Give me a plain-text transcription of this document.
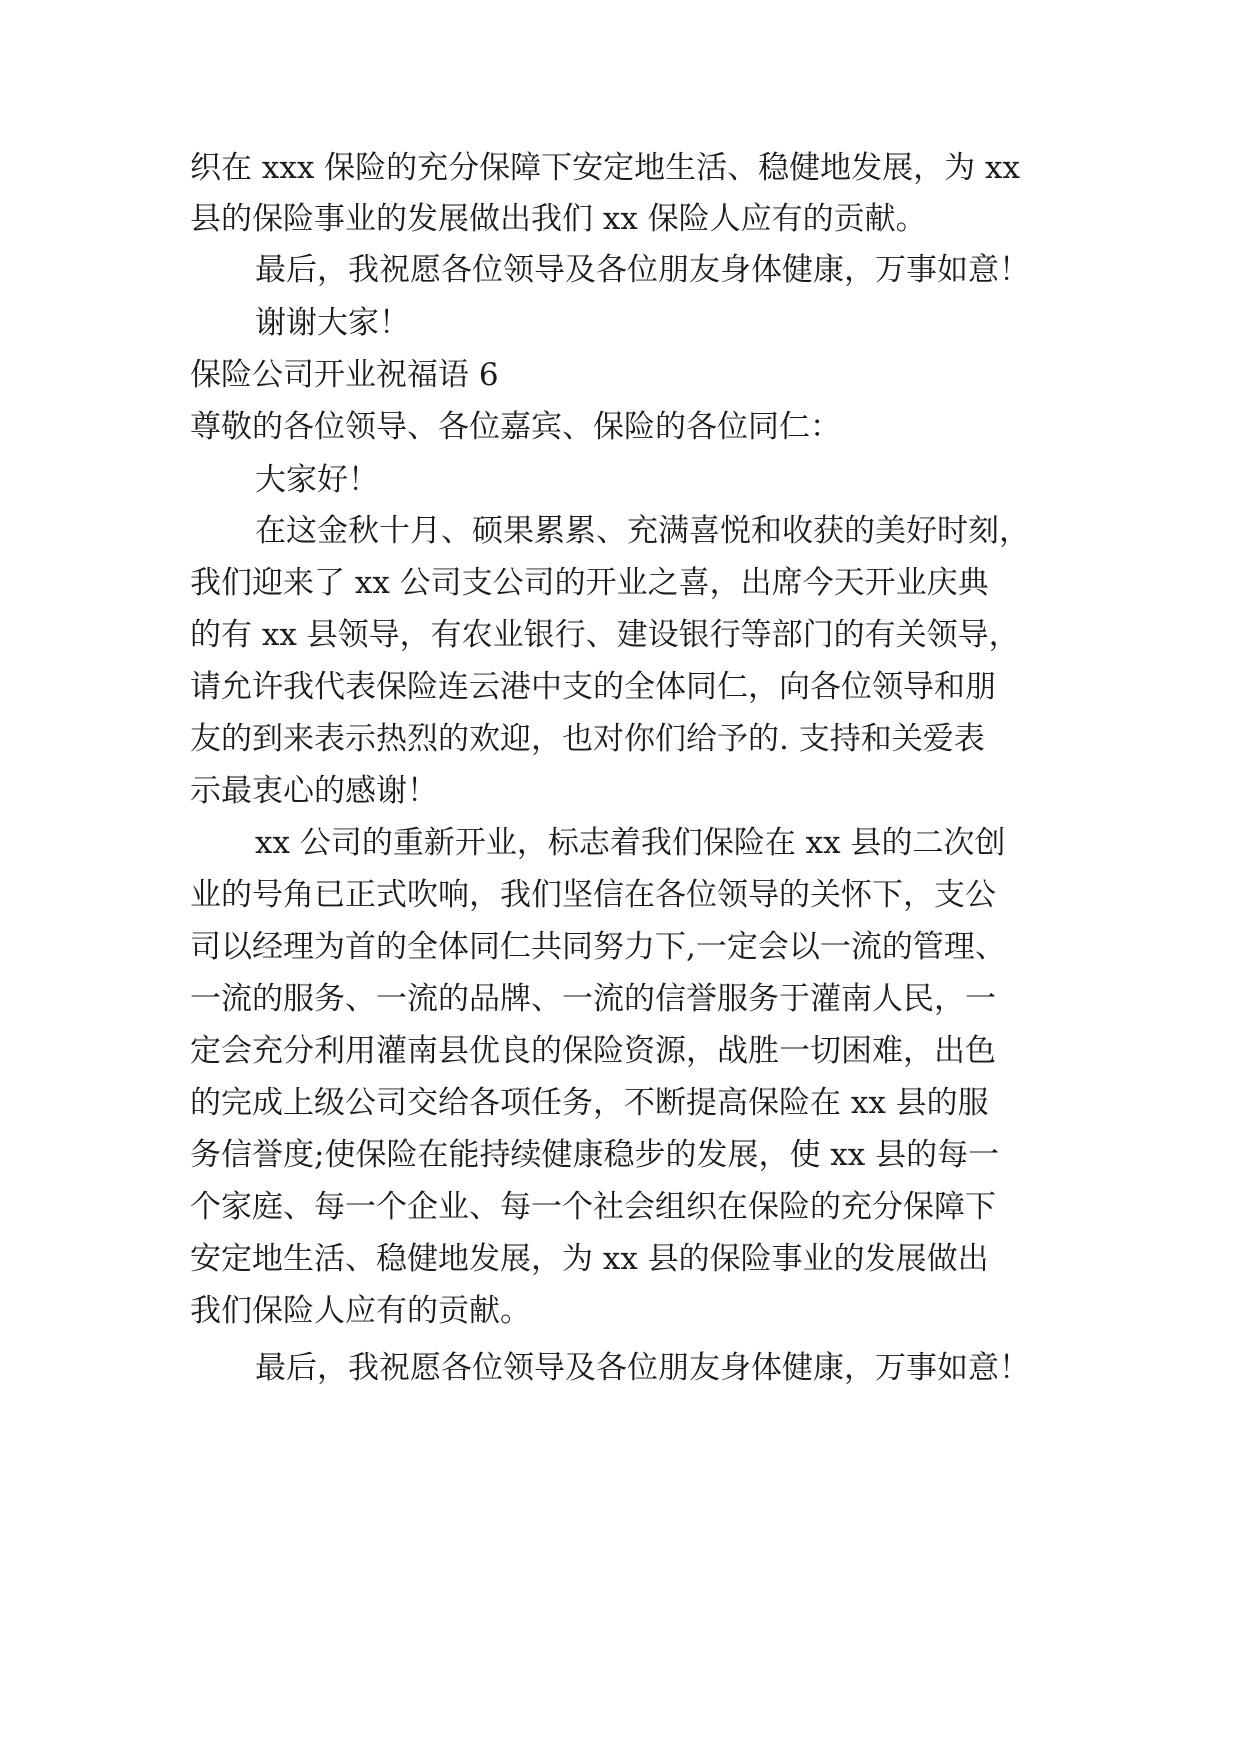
织在 xxx 保险的充分保障下安定地生活、稳健地发展，为 xx
县的保险事业的发展做出我们 xx 保险人应有的贡献。
最后，我祝愿各位领导及各位朋友身体健康，万事如意！
谢谢大家！
保险公司开业祝福语 6
尊敬的各位领导、各位嘉宾、保险的各位同仁：
大家好！
在这金秋十月、硕果累累、充满喜悦和收获的美好时刻，
我们迎来了 xx 公司支公司的开业之喜，出席今天开业庆典
的有 xx 县领导，有农业银行、建设银行等部门的有关领导，
请允许我代表保险连云港中支的全体同仁，向各位领导和朋
友的到来表示热烈的欢迎，也对你们给予的. 支持和关爱表
示最衷心的感谢！
xx 公司的重新开业，标志着我们保险在 xx 县的二次创
业的号角已正式吹响，我们坚信在各位领导的关怀下，支公
司以经理为首的全体同仁共同努力下,一定会以一流的管理、
一流的服务、一流的品牌、一流的信誉服务于灌南人民，一
定会充分利用灌南县优良的保险资源，战胜一切困难，出色
的完成上级公司交给各项任务，不断提高保险在 xx 县的服
务信誉度;使保险在能持续健康稳步的发展，使 xx 县的每一
个家庭、每一个企业、每一个社会组织在保险的充分保障下
安定地生活、稳健地发展，为 xx 县的保险事业的发展做出
我们保险人应有的贡献。
最后，我祝愿各位领导及各位朋友身体健康，万事如意！
